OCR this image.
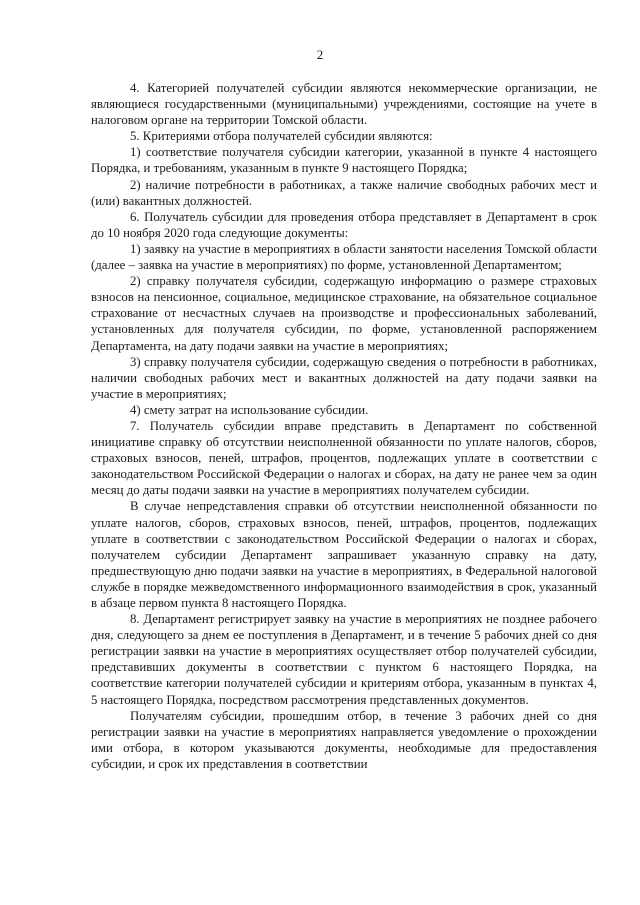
2

4. Категорией получателей субсидии являются некоммерческие организации, не являющиеся государственными (муниципальными) учреждениями, состоящие на учете в налоговом органе на территории Томской области.

5. Критериями отбора получателей субсидии являются:

1) соответствие получателя субсидии категории, указанной в пункте 4 настоящего Порядка, и требованиям, указанным в пункте 9 настоящего Порядка;

2) наличие потребности в работниках, а также наличие свободных рабочих мест и (или) вакантных должностей.

6. Получатель субсидии для проведения отбора представляет в Департамент в срок до 10 ноября 2020 года следующие документы:

1) заявку на участие в мероприятиях в области занятости населения Томской области (далее – заявка на участие в мероприятиях) по форме, установленной Департаментом;

2) справку получателя субсидии, содержащую информацию о размере страховых взносов на пенсионное, социальное, медицинское страхование, на обязательное социальное страхование от несчастных случаев на производстве и профессиональных заболеваний, установленных для получателя субсидии, по форме, установленной распоряжением Департамента, на дату подачи заявки на участие в мероприятиях;

3) справку получателя субсидии, содержащую сведения о потребности в работниках, наличии свободных рабочих мест и вакантных должностей на дату подачи заявки на участие в мероприятиях;

4) смету затрат на использование субсидии.

7. Получатель субсидии вправе представить в Департамент по собственной инициативе справку об отсутствии неисполненной обязанности по уплате налогов, сборов, страховых взносов, пеней, штрафов, процентов, подлежащих уплате в соответствии с законодательством Российской Федерации о налогах и сборах, на дату не ранее чем за один месяц до даты подачи заявки на участие в мероприятиях получателем субсидии.

В случае непредставления справки об отсутствии неисполненной обязанности по уплате налогов, сборов, страховых взносов, пеней, штрафов, процентов, подлежащих уплате в соответствии с законодательством Российской Федерации о налогах и сборах, получателем субсидии Департамент запрашивает указанную справку на дату, предшествующую дню подачи заявки на участие в мероприятиях, в Федеральной налоговой службе в порядке межведомственного информационного взаимодействия в срок, указанный в абзаце первом пункта 8 настоящего Порядка.

8. Департамент регистрирует заявку на участие в мероприятиях не позднее рабочего дня, следующего за днем ее поступления в Департамент, и в течение 5 рабочих дней со дня регистрации заявки на участие в мероприятиях осуществляет отбор получателей субсидии, представивших документы в соответствии с пунктом 6 настоящего Порядка, на соответствие категории получателей субсидии и критериям отбора, указанным в пунктах 4, 5 настоящего Порядка, посредством рассмотрения представленных документов.

Получателям субсидии, прошедшим отбор, в течение 3 рабочих дней со дня регистрации заявки на участие в мероприятиях направляется уведомление о прохождении ими отбора, в котором указываются документы, необходимые для предоставления субсидии, и срок их представления в соответствии
